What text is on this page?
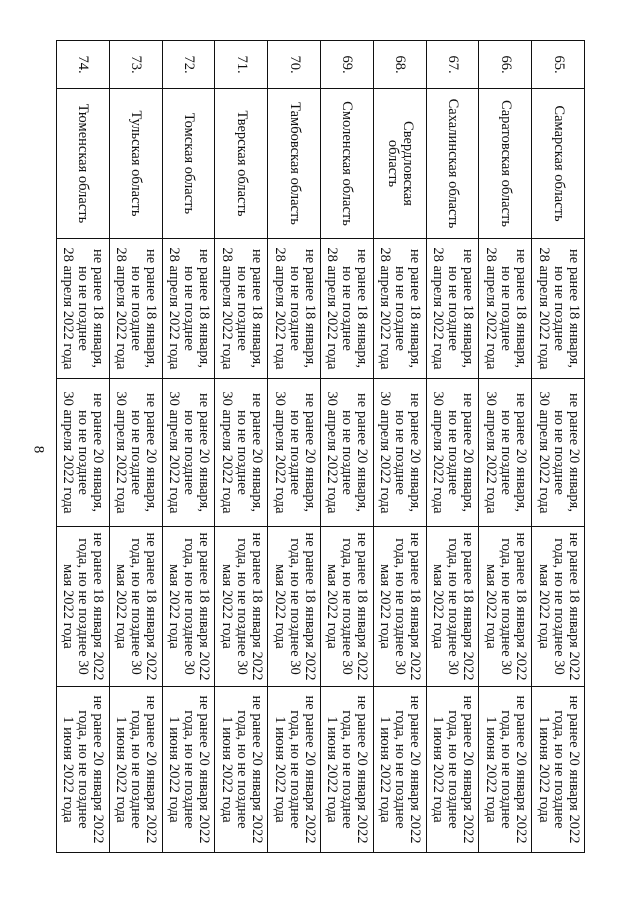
8
65.	Самарская область	не ранее 18 января,
но не позднее
28 апреля 2022 года	не ранее 20 января,
но не позднее
30 апреля 2022 года	не ранее 18 января 2022
года, но не позднее 30
мая 2022 года	не ранее 20 января 2022
года, но не позднее
1 июня 2022 года

66.	Саратовская область	не ранее 18 января,
но не позднее
28 апреля 2022 года	не ранее 20 января,
но не позднее
30 апреля 2022 года	не ранее 18 января 2022
года, но не позднее 30
мая 2022 года	не ранее 20 января 2022
года, но не позднее
1 июня 2022 года

67.	Сахалинская область	не ранее 18 января,
но не позднее
28 апреля 2022 года	не ранее 20 января,
но не позднее
30 апреля 2022 года	не ранее 18 января 2022
года, но не позднее 30
мая 2022 года	не ранее 20 января 2022
года, но не позднее
1 июня 2022 года

68.	Свердловская
область	не ранее 18 января,
но не позднее
28 апреля 2022 года	не ранее 20 января,
но не позднее
30 апреля 2022 года	не ранее 18 января 2022
года, но не позднее 30
мая 2022 года	не ранее 20 января 2022
года, но не позднее
1 июня 2022 года

69.	Смоленская область	не ранее 18 января,
но не позднее
28 апреля 2022 года	не ранее 20 января,
но не позднее
30 апреля 2022 года	не ранее 18 января 2022
года, но не позднее 30
мая 2022 года	не ранее 20 января 2022
года, но не позднее
1 июня 2022 года

70.	Тамбовская область	не ранее 18 января,
но не позднее
28 апреля 2022 года	не ранее 20 января,
но не позднее
30 апреля 2022 года	не ранее 18 января 2022
года, но не позднее 30
мая 2022 года	не ранее 20 января 2022
года, но не позднее
1 июня 2022 года

71.	Тверская область	не ранее 18 января,
но не позднее
28 апреля 2022 года	не ранее 20 января,
но не позднее
30 апреля 2022 года	не ранее 18 января 2022
года, но не позднее 30
мая 2022 года	не ранее 20 января 2022
года, но не позднее
1 июня 2022 года

72.	Томская область	не ранее 18 января,
но не позднее
28 апреля 2022 года	не ранее 20 января,
но не позднее
30 апреля 2022 года	не ранее 18 января 2022
года, но не позднее 30
мая 2022 года	не ранее 20 января 2022
года, но не позднее
1 июня 2022 года

73.	Тульская область	не ранее 18 января,
но не позднее
28 апреля 2022 года	не ранее 20 января,
но не позднее
30 апреля 2022 года	не ранее 18 января 2022
года, но не позднее 30
мая 2022 года	не ранее 20 января 2022
года, но не позднее
1 июня 2022 года

74.	Тюменская область	не ранее 18 января,
но не позднее
28 апреля 2022 года	не ранее 20 января,
но не позднее
30 апреля 2022 года	не ранее 18 января 2022
года, но не позднее 30
мая 2022 года	не ранее 20 января 2022
года, но не позднее
1 июня 2022 года
